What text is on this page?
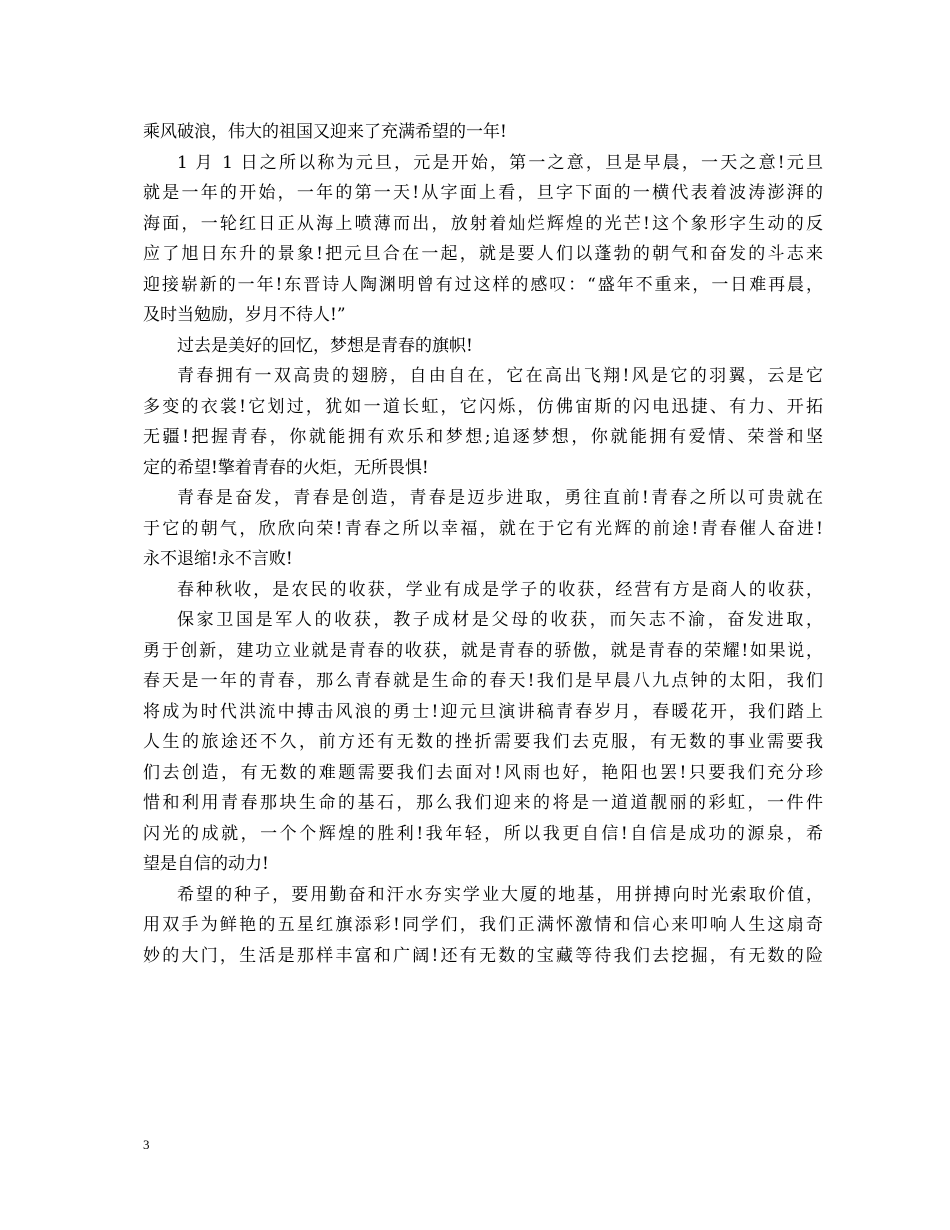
乘风破浪，伟大的祖国又迎来了充满希望的一年!
1 月 1 日之所以称为元旦，元是开始，第一之意，旦是早晨，一天之意!元旦
就是一年的开始，一年的第一天!从字面上看，旦字下面的一横代表着波涛澎湃的
海面，一轮红日正从海上喷薄而出，放射着灿烂辉煌的光芒!这个象形字生动的反
应了旭日东升的景象!把元旦合在一起，就是要人们以蓬勃的朝气和奋发的斗志来
迎接崭新的一年!东晋诗人陶渊明曾有过这样的感叹：“盛年不重来，一日难再晨，
及时当勉励，岁月不待人!”
过去是美好的回忆，梦想是青春的旗帜!
青春拥有一双高贵的翅膀，自由自在，它在高出飞翔!风是它的羽翼，云是它
多变的衣裳!它划过，犹如一道长虹，它闪烁，仿佛宙斯的闪电迅捷、有力、开拓
无疆!把握青春，你就能拥有欢乐和梦想;追逐梦想，你就能拥有爱情、荣誉和坚
定的希望!擎着青春的火炬，无所畏惧!
青春是奋发，青春是创造，青春是迈步进取，勇往直前!青春之所以可贵就在
于它的朝气，欣欣向荣!青春之所以幸福，就在于它有光辉的前途!青春催人奋进!
永不退缩!永不言败!
春种秋收，是农民的收获，学业有成是学子的收获，经营有方是商人的收获，
保家卫国是军人的收获，教子成材是父母的收获，而矢志不渝，奋发进取，
勇于创新，建功立业就是青春的收获，就是青春的骄傲，就是青春的荣耀!如果说，
春天是一年的青春，那么青春就是生命的春天!我们是早晨八九点钟的太阳，我们
将成为时代洪流中搏击风浪的勇士!迎元旦演讲稿青春岁月，春暖花开，我们踏上
人生的旅途还不久，前方还有无数的挫折需要我们去克服，有无数的事业需要我
们去创造，有无数的难题需要我们去面对!风雨也好，艳阳也罢!只要我们充分珍
惜和利用青春那块生命的基石，那么我们迎来的将是一道道靓丽的彩虹，一件件
闪光的成就，一个个辉煌的胜利!我年轻，所以我更自信!自信是成功的源泉，希
望是自信的动力!
希望的种子，要用勤奋和汗水夯实学业大厦的地基，用拼搏向时光索取价值，
用双手为鲜艳的五星红旗添彩!同学们，我们正满怀激情和信心来叩响人生这扇奇
妙的大门，生活是那样丰富和广阔!还有无数的宝藏等待我们去挖掘，有无数的险
3
